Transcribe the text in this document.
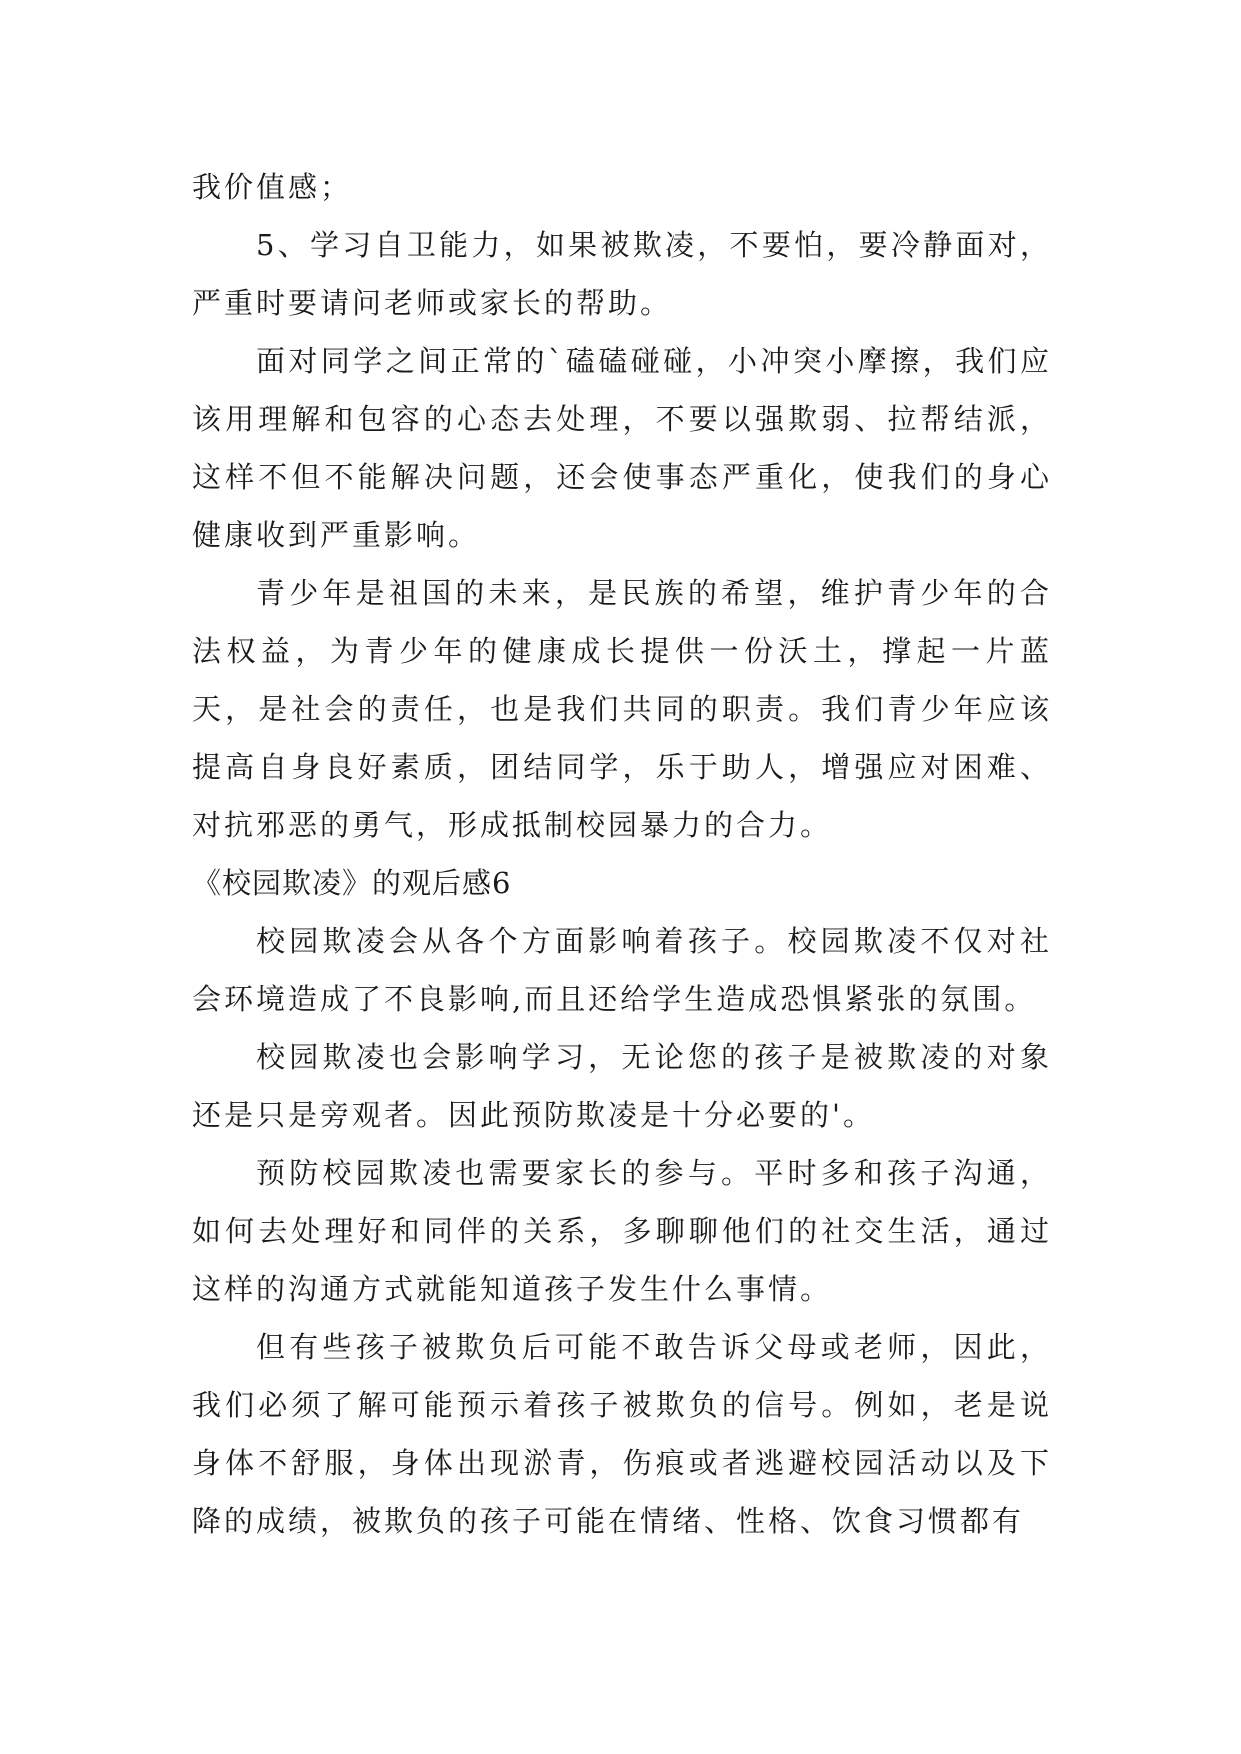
我价值感；

5、学习自卫能力，如果被欺凌，不要怕，要冷静面对，严重时要请问老师或家长的帮助。

面对同学之间正常的`磕磕碰碰，小冲突小摩擦，我们应该用理解和包容的心态去处理，不要以强欺弱、拉帮结派，这样不但不能解决问题，还会使事态严重化，使我们的身心健康收到严重影响。

青少年是祖国的未来，是民族的希望，维护青少年的合法权益，为青少年的健康成长提供一份沃土，撑起一片蓝天，是社会的责任，也是我们共同的职责。我们青少年应该提高自身良好素质，团结同学，乐于助人，增强应对困难、对抗邪恶的勇气，形成抵制校园暴力的合力。

《校园欺凌》的观后感6

校园欺凌会从各个方面影响着孩子。校园欺凌不仅对社会环境造成了不良影响,而且还给学生造成恐惧紧张的氛围。

校园欺凌也会影响学习，无论您的孩子是被欺凌的对象还是只是旁观者。因此预防欺凌是十分必要的'。

预防校园欺凌也需要家长的参与。平时多和孩子沟通，如何去处理好和同伴的关系，多聊聊他们的社交生活，通过这样的沟通方式就能知道孩子发生什么事情。

但有些孩子被欺负后可能不敢告诉父母或老师，因此，我们必须了解可能预示着孩子被欺负的信号。例如，老是说身体不舒服，身体出现淤青，伤痕或者逃避校园活动以及下降的成绩，被欺负的孩子可能在情绪、性格、饮食习惯都有
